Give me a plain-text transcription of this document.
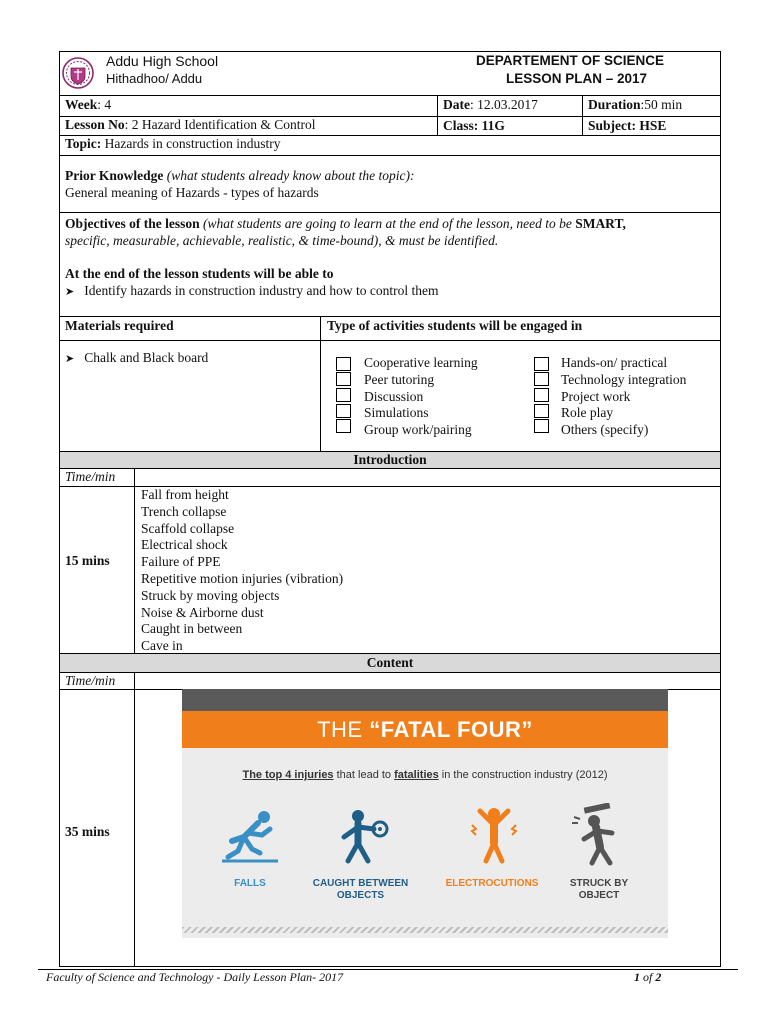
Addu High School
Hithadhoo/ Addu
DEPARTEMENT OF SCIENCE
LESSON PLAN – 2017
Week: 4	Date: 12.03.2017	Duration:50 min
Lesson No: 2 Hazard Identification & Control	Class: 11G	Subject: HSE
Topic: Hazards in construction industry
Prior Knowledge (what students already know about the topic):
General meaning of Hazards - types of hazards
Objectives of the lesson (what students are going to learn at the end of the lesson, need to be SMART,
specific, measurable, achievable, realistic, & time-bound), & must be identified.
At the end of the lesson students will be able to
➤ Identify hazards in construction industry and how to control them
Materials required	Type of activities students will be engaged in
➤ Chalk and Black board	Cooperative learning
Peer tutoring
Discussion
Simulations
Group work/pairing
Hands-on/ practical
Technology integration
Project work
Role play
Others (specify)
Introduction
Time/min
15 mins
Fall from height
Trench collapse
Scaffold collapse
Electrical shock
Failure of PPE
Repetitive motion injuries (vibration)
Struck by moving objects
Noise & Airborne dust
Caught in between
Cave in
Content
Time/min
35 mins
THE “FATAL FOUR”
The top 4 injuries that lead to fatalities in the construction industry (2012)
FALLS	CAUGHT BETWEEN
OBJECTS
ELECTROCUTIONS	STRUCK BY
OBJECT
Faculty of Science and Technology - Daily Lesson Plan- 2017	1 of 2
